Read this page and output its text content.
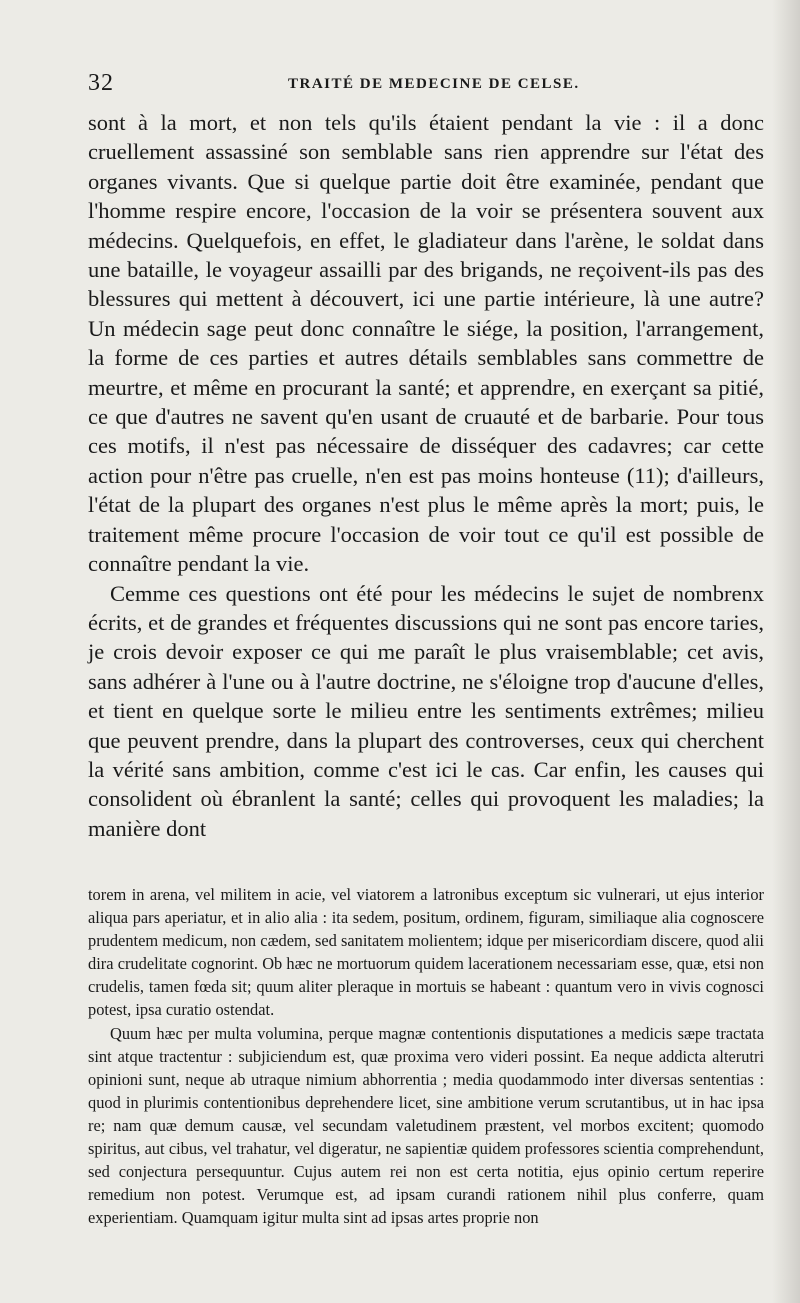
32	TRAITÉ DE MEDECINE DE CELSE.

sont à la mort, et non tels qu'ils étaient pendant la vie : il a donc cruellement assassiné son semblable sans rien apprendre sur l'état des organes vivants. Que si quelque partie doit être examinée, pendant que l'homme respire encore, l'occasion de la voir se présentera souvent aux médecins. Quelquefois, en effet, le gladiateur dans l'arène, le soldat dans une bataille, le voyageur assailli par des brigands, ne reçoivent-ils pas des blessures qui mettent à découvert, ici une partie intérieure, là une autre? Un médecin sage peut donc connaître le siége, la position, l'arrangement, la forme de ces parties et autres détails semblables sans commettre de meurtre, et même en procurant la santé; et apprendre, en exerçant sa pitié, ce que d'autres ne savent qu'en usant de cruauté et de barbarie. Pour tous ces motifs, il n'est pas nécessaire de disséquer des cadavres; car cette action pour n'être pas cruelle, n'en est pas moins honteuse (11); d'ailleurs, l'état de la plupart des organes n'est plus le même après la mort; puis, le traitement même procure l'occasion de voir tout ce qu'il est possible de connaître pendant la vie.

Cemme ces questions ont été pour les médecins le sujet de nombrenx écrits, et de grandes et fréquentes discussions qui ne sont pas encore taries, je crois devoir exposer ce qui me paraît le plus vraisemblable; cet avis, sans adhérer à l'une ou à l'autre doctrine, ne s'éloigne trop d'aucune d'elles, et tient en quelque sorte le milieu entre les sentiments extrêmes; milieu que peuvent prendre, dans la plupart des controverses, ceux qui cherchent la vérité sans ambition, comme c'est ici le cas. Car enfin, les causes qui consolident où ébranlent la santé; celles qui provoquent les maladies; la manière dont

torem in arena, vel militem in acie, vel viatorem a latronibus exceptum sic vulnerari, ut ejus interior aliqua pars aperiatur, et in alio alia : ita sedem, positum, ordinem, figuram, similiaque alia cognoscere prudentem medicum, non cædem, sed sanitatem molientem; idque per misericordiam discere, quod alii dira crudelitate cognorint. Ob hæc ne mortuorum quidem lacerationem necessariam esse, quæ, etsi non crudelis, tamen fœda sit; quum aliter pleraque in mortuis se habeant : quantum vero in vivis cognosci potest, ipsa curatio ostendat.

Quum hæc per multa volumina, perque magnæ contentionis disputationes a medicis sæpe tractata sint atque tractentur : subjiciendum est, quæ proxima vero videri possint. Ea neque addicta alterutri opinioni sunt, neque ab utraque nimium abhorrentia ; media quodammodo inter diversas sententias : quod in plurimis contentionibus deprehendere licet, sine ambitione verum scrutantibus, ut in hac ipsa re; nam quæ demum causæ, vel secundam valetudinem præstent, vel morbos excitent; quomodo spiritus, aut cibus, vel trahatur, vel digeratur, ne sapientiæ quidem professores scientia comprehendunt, sed conjectura persequuntur. Cujus autem rei non est certa notitia, ejus opinio certum reperire remedium non potest. Verumque est, ad ipsam curandi rationem nihil plus conferre, quam experientiam. Quamquam igitur multa sint ad ipsas artes proprie non
